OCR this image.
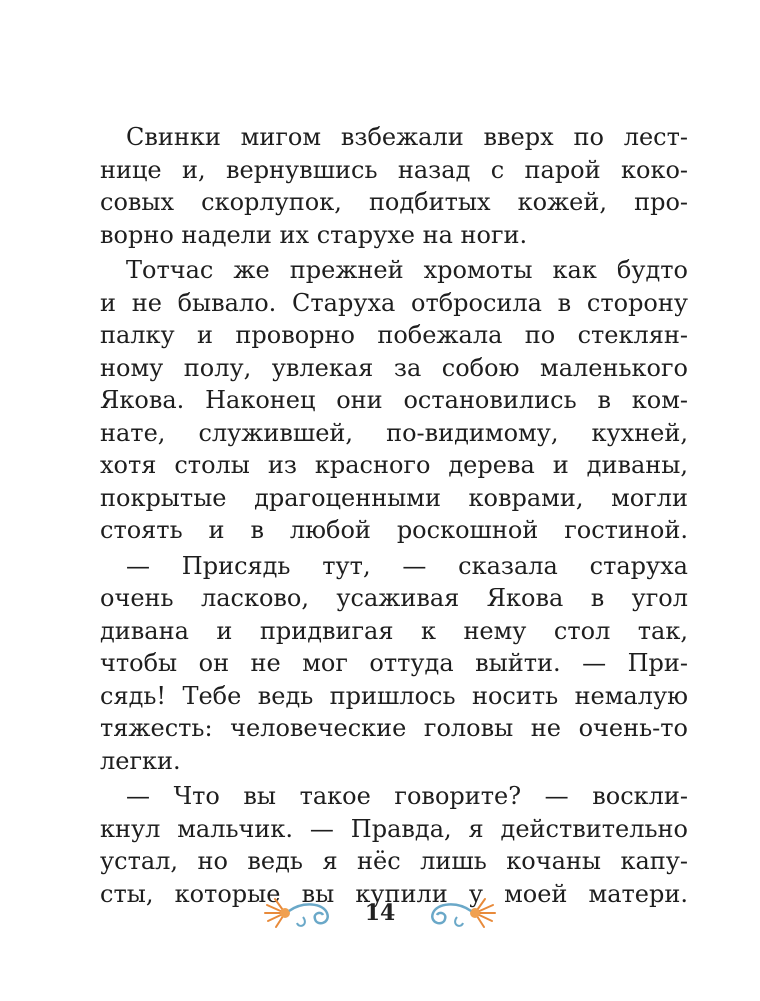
Свинки мигом взбежали вверх по лест-
нице и, вернувшись назад с парой коко-
совых скорлупок, подбитых кожей, про-
ворно надели их старухе на ноги.
Тотчас же прежней хромоты как будто
и не бывало. Старуха отбросила в сторону
палку и проворно побежала по стеклян-
ному полу, увлекая за собою маленького
Якова. Наконец они остановились в ком-
нате, служившей, по-видимому, кухней,
хотя столы из красного дерева и диваны,
покрытые драгоценными коврами, могли
стоять и в любой роскошной гостиной.
— Присядь тут, — сказала старуха
очень ласково, усаживая Якова в угол
дивана и придвигая к нему стол так,
чтобы он не мог оттуда выйти. — При-
сядь! Тебе ведь пришлось носить немалую
тяжесть: человеческие головы не очень-то
легки.
— Что вы такое говорите? — воскли-
кнул мальчик. — Правда, я действительно
устал, но ведь я нёс лишь кочаны капу-
сты, которые вы купили у моей матери.
14
